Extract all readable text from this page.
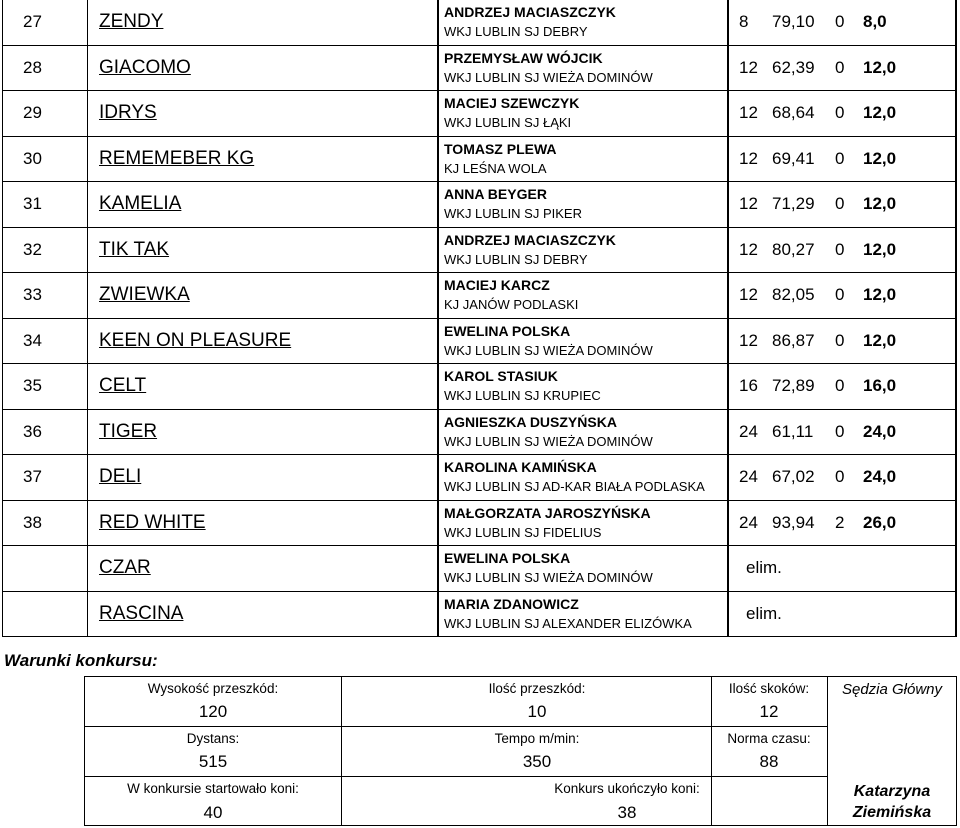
27	ZENDY	ANDRZEJ MACIASZCZYK
WKJ LUBLIN SJ DEBRY	8 79,10 0 8,0
28	GIACOMO	PRZEMYSŁAW WÓJCIK
WKJ LUBLIN SJ WIEŻA DOMINÓW	12 62,39 0 12,0
29	IDRYS	MACIEJ SZEWCZYK
WKJ LUBLIN SJ ŁĄKI	12 68,64 0 12,0
30	REMEMEBER KG	TOMASZ PLEWA
KJ LEŚNA WOLA	12 69,41 0 12,0
31	KAMELIA	ANNA BEYGER
WKJ LUBLIN SJ PIKER	12 71,29 0 12,0
32	TIK TAK	ANDRZEJ MACIASZCZYK
WKJ LUBLIN SJ DEBRY	12 80,27 0 12,0
33	ZWIEWKA	MACIEJ KARCZ
KJ JANÓW PODLASKI	12 82,05 0 12,0
34	KEEN ON PLEASURE	EWELINA POLSKA
WKJ LUBLIN SJ WIEŻA DOMINÓW	12 86,87 0 12,0
35	CELT	KAROL STASIUK
WKJ LUBLIN SJ KRUPIEC	16 72,89 0 16,0
36	TIGER	AGNIESZKA DUSZYŃSKA
WKJ LUBLIN SJ WIEŻA DOMINÓW	24 61,11 0 24,0
37	DELI	KAROLINA KAMIŃSKA
WKJ LUBLIN SJ AD-KAR BIAŁA PODLASKA	24 67,02 0 24,0
38	RED WHITE	MAŁGORZATA JAROSZYŃSKA
WKJ LUBLIN SJ FIDELIUS	24 93,94 2 26,0
	CZAR	EWELINA POLSKA
WKJ LUBLIN SJ WIEŻA DOMINÓW	elim.
	RASCINA	MARIA ZDANOWICZ
WKJ LUBLIN SJ ALEXANDER ELIZÓWKA	elim.
Warunki konkursu:
Wysokość przeszkód:
120
Ilość przeszkód:
10
Ilość skoków:
12
Dystans:
515
Tempo m/min:
350
Norma czasu:
88
W konkursie startowało koni:
40
Konkurs ukończyło koni:
38
Sędzia Główny
Katarzyna
Ziemińska
